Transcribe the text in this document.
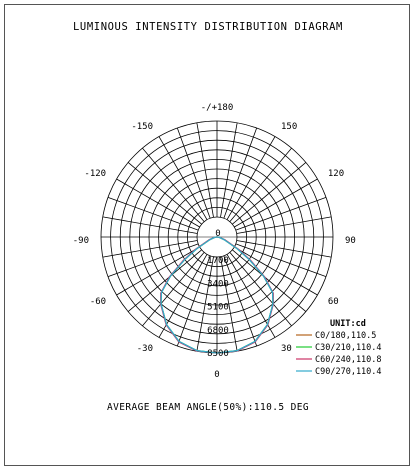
LUMINOUS INTENSITY DISTRIBUTION DIAGRAM
AVERAGE BEAM ANGLE(50%):110.5 DEG
-/+180
150
-150
120
-120
90
-90
60
-60
30
-30
0
0
1700
3400
5100
6800
8500
UNIT:cd
C0/180,110.5
C30/210,110.4
C60/240,110.8
C90/270,110.4
